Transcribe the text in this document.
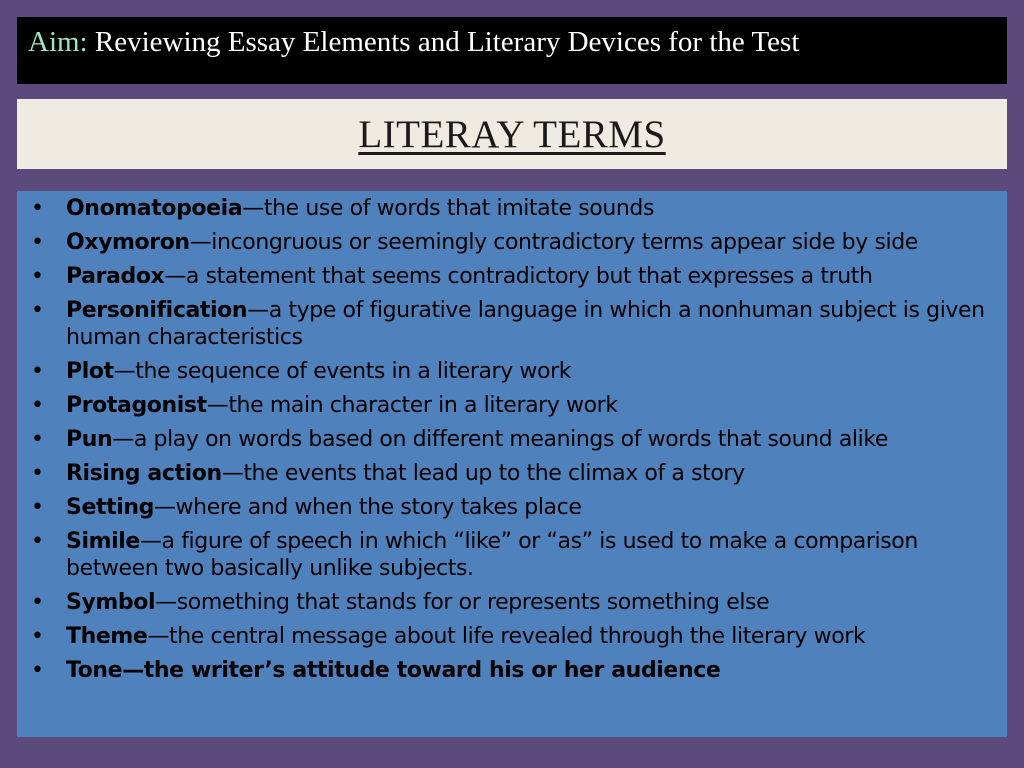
Aim: Reviewing Essay Elements and Literary Devices for the Test
LITERAY TERMS
•	Onomatopoeia—the use of words that imitate sounds
•	Oxymoron—incongruous or seemingly contradictory terms appear side by side
•	Paradox—a statement that seems contradictory but that expresses a truth
•	Personification—a type of figurative language in which a nonhuman subject is given human characteristics
•	Plot—the sequence of events in a literary work
•	Protagonist—the main character in a literary work
•	Pun—a play on words based on different meanings of words that sound alike
•	Rising action—the events that lead up to the climax of a story
•	Setting—where and when the story takes place
•	Simile—a figure of speech in which “like” or “as” is used to make a comparison between two basically unlike subjects.
•	Symbol—something that stands for or represents something else
•	Theme—the central message about life revealed through the literary work
•	Tone—the writer’s attitude toward his or her audience
